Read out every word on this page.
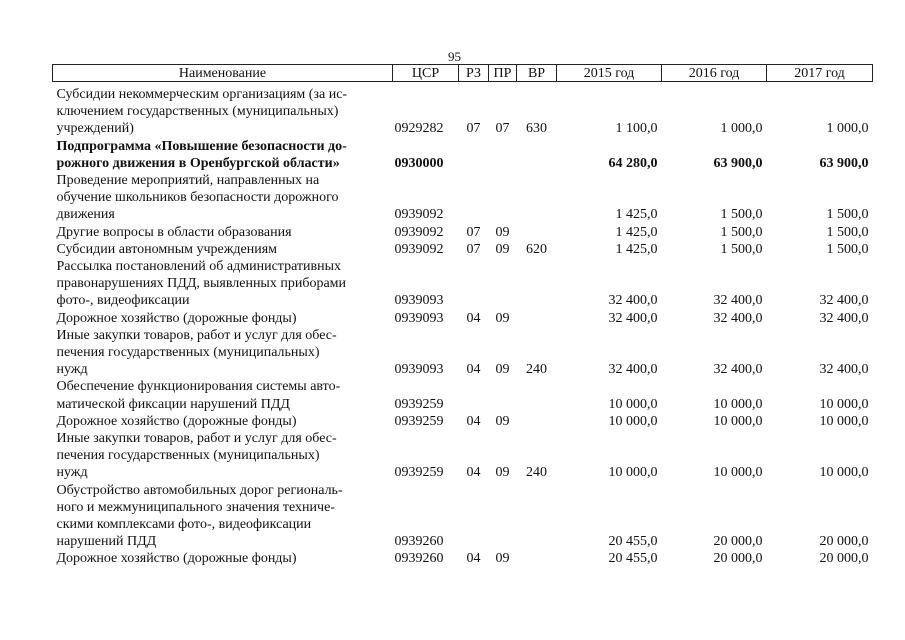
95
Наименование	ЦСР	РЗ	ПР	ВР	2015 год	2016 год	2017 год
Субсидии некоммерческим организациям (за ис-
ключением государственных (муниципальных)
учреждений)	0929282	07	07	630	1 100,0	1 000,0	1 000,0
Подпрограмма «Повышение безопасности до-
рожного движения в Оренбургской области»	0930000				64 280,0	63 900,0	63 900,0
Проведение мероприятий, направленных на
обучение школьников безопасности дорожного
движения	0939092				1 425,0	1 500,0	1 500,0
Другие вопросы в области образования	0939092	07	09		1 425,0	1 500,0	1 500,0
Субсидии автономным учреждениям	0939092	07	09	620	1 425,0	1 500,0	1 500,0
Рассылка постановлений об административных
правонарушениях ПДД, выявленных приборами
фото-, видеофиксации	0939093				32 400,0	32 400,0	32 400,0
Дорожное хозяйство (дорожные фонды)	0939093	04	09		32 400,0	32 400,0	32 400,0
Иные закупки товаров, работ и услуг для обес-
печения государственных (муниципальных)
нужд	0939093	04	09	240	32 400,0	32 400,0	32 400,0
Обеспечение функционирования системы авто-
матической фиксации нарушений ПДД	0939259				10 000,0	10 000,0	10 000,0
Дорожное хозяйство (дорожные фонды)	0939259	04	09		10 000,0	10 000,0	10 000,0
Иные закупки товаров, работ и услуг для обес-
печения государственных (муниципальных)
нужд	0939259	04	09	240	10 000,0	10 000,0	10 000,0
Обустройство автомобильных дорог региональ-
ного и межмуниципального значения техниче-
скими комплексами фото-, видеофиксации
нарушений ПДД	0939260				20 455,0	20 000,0	20 000,0
Дорожное хозяйство (дорожные фонды)	0939260	04	09		20 455,0	20 000,0	20 000,0
